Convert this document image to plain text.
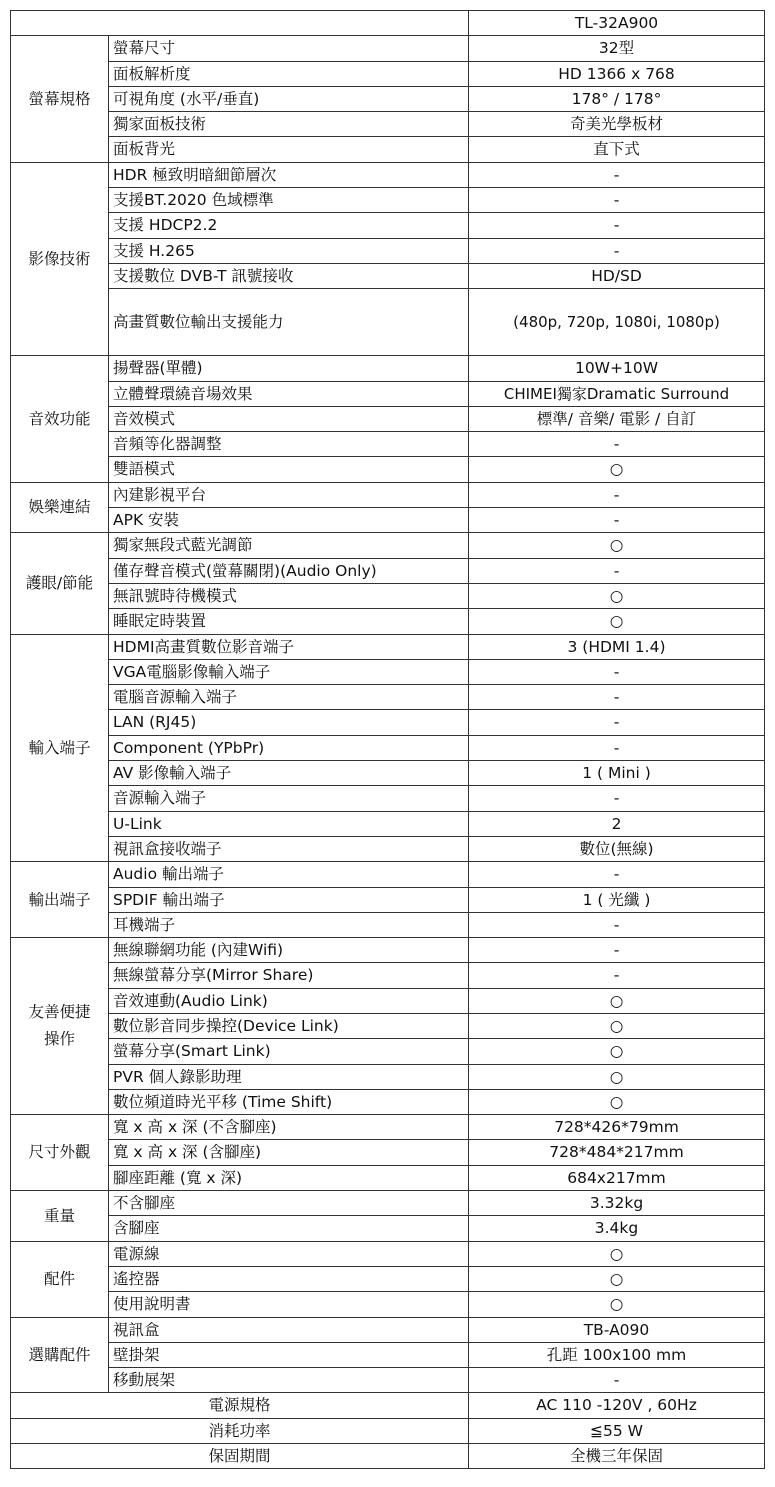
		TL-32A900
螢幕規格	螢幕尺寸	32型
	面板解析度	HD 1366 x 768
	可視角度 (水平/垂直)	178° / 178°
	獨家面板技術	奇美光學板材
	面板背光	直下式
影像技術	HDR 極致明暗細節層次	-
	支援BT.2020 色域標準	-
	支援 HDCP2.2	-
	支援 H.265	-
	支援數位 DVB-T 訊號接收	HD/SD
	高畫質數位輸出支援能力	(480p, 720p, 1080i, 1080p)
音效功能	揚聲器(單體)	10W+10W
	立體聲環繞音場效果	CHIMEI獨家Dramatic Surround
	音效模式	標準/ 音樂/ 電影 / 自訂
	音頻等化器調整	-
	雙語模式	○
娛樂連結	內建影視平台	-
	APK 安裝	-
護眼/節能	獨家無段式藍光調節	○
	僅存聲音模式(螢幕關閉)(Audio Only)	-
	無訊號時待機模式	○
	睡眠定時裝置	○
輸入端子	HDMI高畫質數位影音端子	3 (HDMI 1.4)
	VGA電腦影像輸入端子	-
	電腦音源輸入端子	-
	LAN (RJ45)	-
	Component (YPbPr)	-
	AV 影像輸入端子	1 ( Mini )
	音源輸入端子	-
	U-Link	2
	視訊盒接收端子	數位(無線)
輸出端子	Audio 輸出端子	-
	SPDIF 輸出端子	1 ( 光纖 )
	耳機端子	-
友善便捷操作	無線聯網功能 (內建Wifi)	-
	無線螢幕分享(Mirror Share)	-
	音效連動(Audio Link)	○
	數位影音同步操控(Device Link)	○
	螢幕分享(Smart Link)	○
	PVR 個人錄影助理	○
	數位頻道時光平移 (Time Shift)	○
尺寸外觀	寬 x 高 x 深 (不含腳座)	728*426*79mm
	寬 x 高 x 深 (含腳座)	728*484*217mm
	腳座距離 (寬 x 深)	684x217mm
重量	不含腳座	3.32kg
	含腳座	3.4kg
配件	電源線	○
	遙控器	○
	使用說明書	○
選購配件	視訊盒	TB-A090
	壁掛架	孔距 100x100 mm
	移動展架	-
電源規格		AC 110 -120V , 60Hz
消耗功率		≦55 W
保固期間		全機三年保固
